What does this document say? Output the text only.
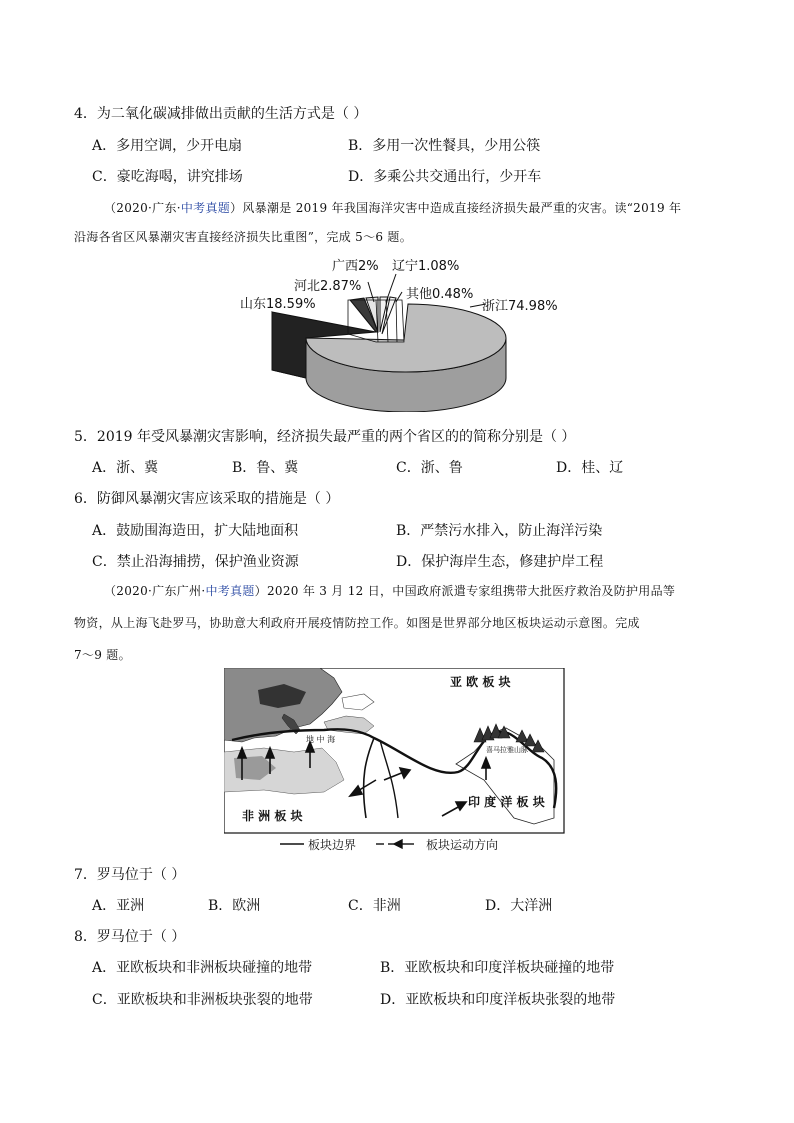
4．为二氧化碳减排做出贡献的生活方式是（ ）
A．多用空调，少开电扇	B．多用一次性餐具，少用公筷
C．豪吃海喝，讲究排场	D．多乘公共交通出行，少开车
（2020·广东·中考真题）风暴潮是 2019 年我国海洋灾害中造成直接经济损失最严重的灾害。读“2019 年
沿海各省区风暴潮灾害直接经济损失比重图”，完成 5～6 题。
山东18.59%
河北2.87%
广西2% 辽宁1.08%
其他0.48%
浙江74.98%
5．2019 年受风暴潮灾害影响，经济损失最严重的两个省区的的简称分别是（ ）
A．浙、冀	B．鲁、冀	C．浙、鲁	D．桂、辽
6．防御风暴潮灾害应该采取的措施是（ ）
A．鼓励围海造田，扩大陆地面积	B．严禁污水排入，防止海洋污染
C．禁止沿海捕捞，保护渔业资源	D．保护海岸生态，修建护岸工程
（2020·广东广州·中考真题）2020 年 3 月 12 日，中国政府派遣专家组携带大批医疗救治及防护用品等
物资，从上海飞赴罗马，协助意大利政府开展疫情防控工作。如图是世界部分地区板块运动示意图。完成
7～9 题。
亚 欧 板 块
非 洲 板 块
印 度 洋 板 块
喜马拉雅山脉
地 中 海
板块边界	板块运动方向
7．罗马位于（ ）
A．亚洲	B．欧洲	C．非洲	D．大洋洲
8．罗马位于（ ）
A．亚欧板块和非洲板块碰撞的地带	B．亚欧板块和印度洋板块碰撞的地带
C．亚欧板块和非洲板块张裂的地带	D．亚欧板块和印度洋板块张裂的地带
